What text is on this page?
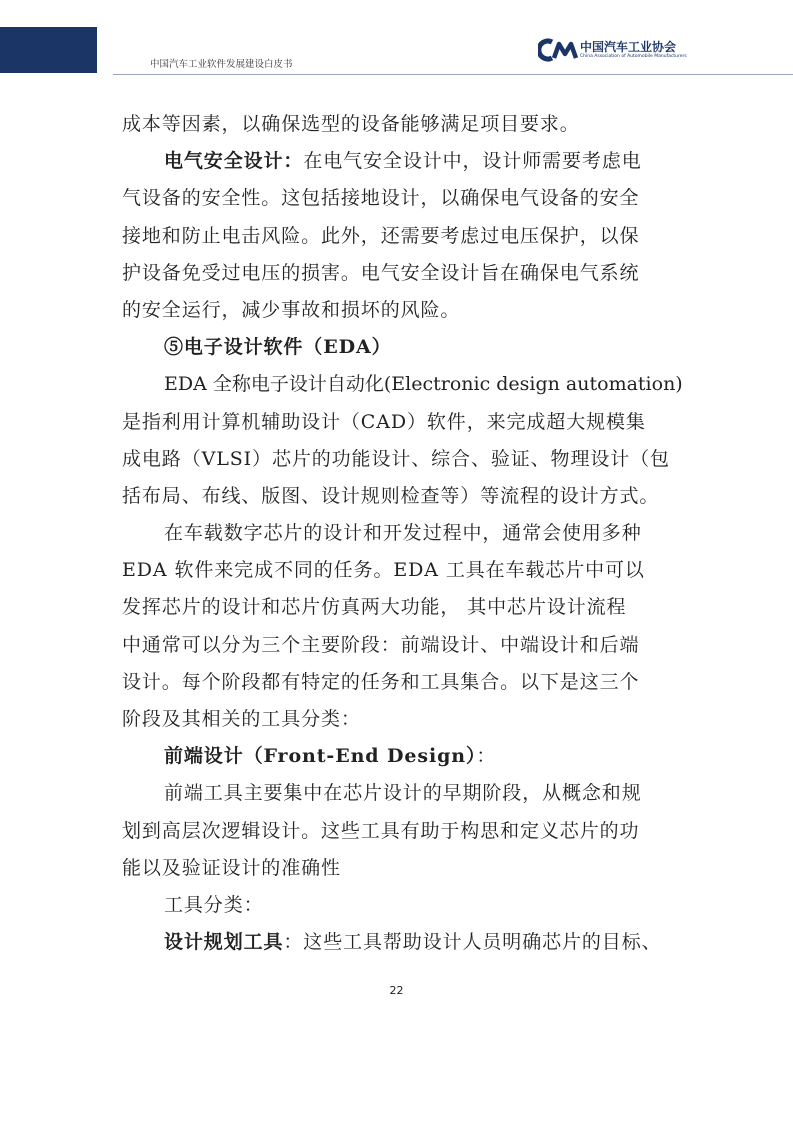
中国汽车工业软件发展建设白皮书
中国汽车工业协会
China Association of Automobile Manufacturers
成本等因素，以确保选型的设备能够满足项目要求。
电气安全设计：在电气安全设计中，设计师需要考虑电
气设备的安全性。这包括接地设计，以确保电气设备的安全
接地和防止电击风险。此外，还需要考虑过电压保护，以保
护设备免受过电压的损害。电气安全设计旨在确保电气系统
的安全运行，减少事故和损坏的风险。
⑤电子设计软件（EDA）
EDA 全称电子设计自动化(Electronic design automation)
是指利用计算机辅助设计（CAD）软件，来完成超大规模集
成电路（VLSI）芯片的功能设计、综合、验证、物理设计（包
括布局、布线、版图、设计规则检查等）等流程的设计方式。
在车载数字芯片的设计和开发过程中，通常会使用多种
EDA 软件来完成不同的任务。EDA 工具在车载芯片中可以
发挥芯片的设计和芯片仿真两大功能， 其中芯片设计流程
中通常可以分为三个主要阶段：前端设计、中端设计和后端
设计。每个阶段都有特定的任务和工具集合。以下是这三个
阶段及其相关的工具分类：
前端设计（Front-End Design）：
前端工具主要集中在芯片设计的早期阶段，从概念和规
划到高层次逻辑设计。这些工具有助于构思和定义芯片的功
能以及验证设计的准确性
工具分类：
设计规划工具：这些工具帮助设计人员明确芯片的目标、
22
